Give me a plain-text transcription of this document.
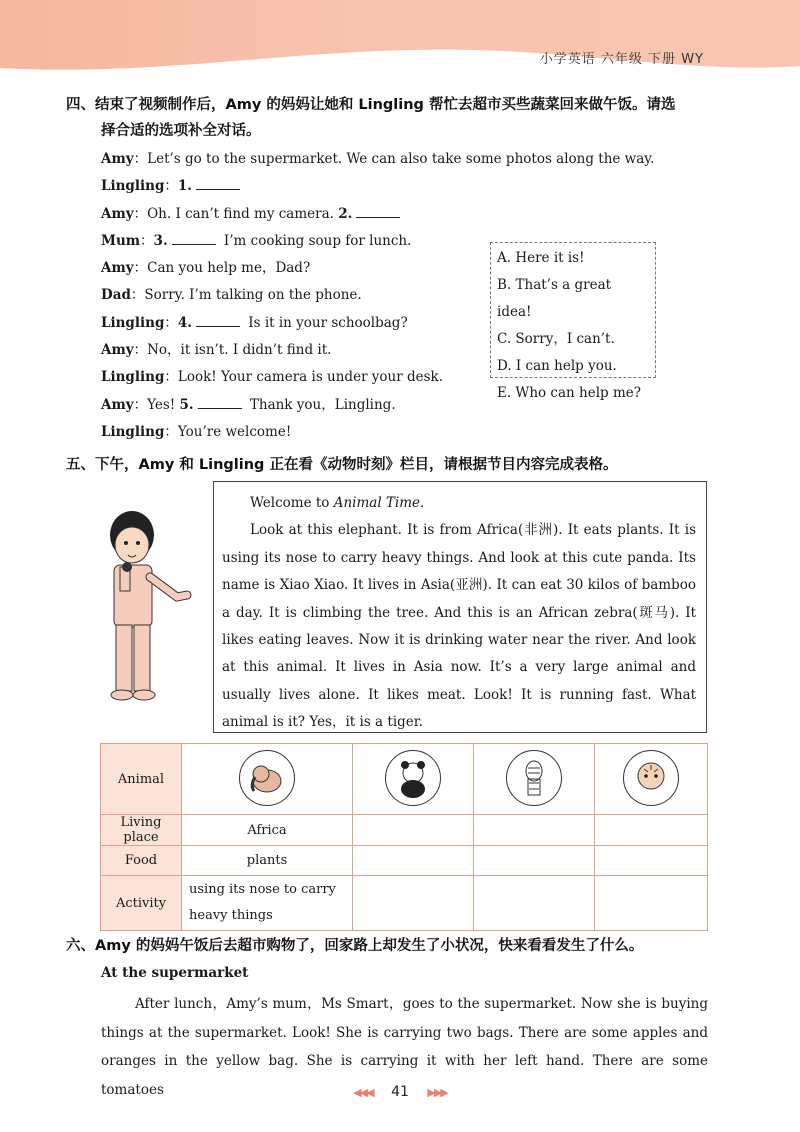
小学英语 六年级 下册 WY
四、结束了视频制作后，Amy 的妈妈让她和 Lingling 帮忙去超市买些蔬菜回来做午饭。请选
择合适的选项补全对话。
Amy：Let’s go to the supermarket. We can also take some photos along the way.
Lingling：1.
Amy：Oh. I can’t find my camera. 2.
Mum：3.	I’m cooking soup for lunch.
Amy：Can you help me，Dad?
Dad：Sorry. I’m talking on the phone.
Lingling：4.	Is it in your schoolbag?
Amy：No，it isn’t. I didn’t find it.
Lingling：Look! Your camera is under your desk.
Amy：Yes! 5.	Thank you，Lingling.
Lingling：You’re welcome!
A. Here it is!
B. That’s a great idea!
C. Sorry，I can’t.
D. I can help you.
E. Who can help me?
五、下午，Amy 和 Lingling 正在看《动物时刻》栏目，请根据节目内容完成表格。

Welcome to Animal Time.

Look at this elephant. It is from Africa(非洲). It eats plants. It is using its nose to carry heavy things. And look at this cute panda. Its name is Xiao Xiao. It lives in Asia(亚洲). It can eat 30 kilos of bamboo a day. It is climbing the tree. And this is an African zebra(斑马). It likes eating leaves. Now it is drinking water near the river. And look at this animal. It lives in Asia now. It’s a very large animal and usually lives alone. It likes meat. Look! It is running fast. What animal is it? Yes，it is a tiger.

Animal				
Living place	Africa			
Food	plants			
Activity	using its nose to carry
heavy things			

六、Amy 的妈妈午饭后去超市购物了，回家路上却发生了小状况，快来看看发生了什么。
At the supermarket

After lunch，Amy’s mum，Ms Smart，goes to the supermarket. Now she is buying things at the supermarket. Look! She is carrying two bags. There are some apples and oranges in the yellow bag. She is carrying it with her left hand. There are some tomatoes	◀◀◀ 41 ▶▶▶
